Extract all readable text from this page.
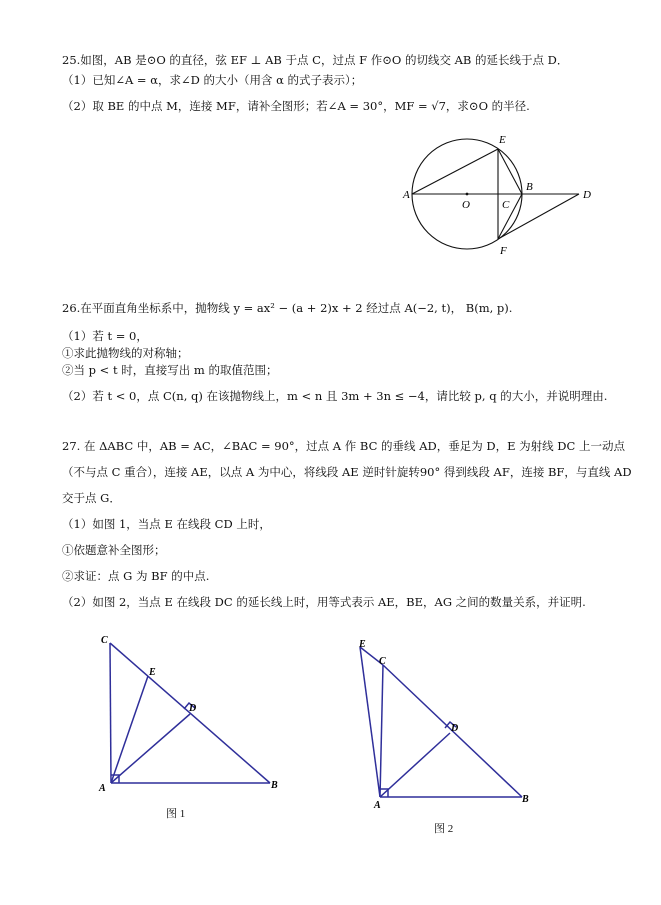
25.如图，AB 是⊙O 的直径，弦 EF ⊥ AB 于点 C，过点 F 作⊙O 的切线交 AB 的延长线于点 D．
（1）已知∠A = α，求∠D 的大小（用含 α 的式子表示）；
（2）取 BE 的中点 M，连接 MF，请补全图形；若∠A = 30°，MF = √7，求⊙O 的半径.
A
O	C
B
D
E
F
26.在平面直角坐标系中，抛物线 y = ax² − (a + 2)x + 2 经过点 A(−2, t)， B(m, p).
（1）若 t = 0，
①求此抛物线的对称轴；
②当 p < t 时，直接写出 m 的取值范围；
（2）若 t < 0，点 C(n, q) 在该抛物线上，m < n 且 3m + 3n ≤ −4，请比较 p, q 的大小，并说明理由.
27. 在 ΔABC 中，AB = AC，∠BAC = 90°，过点 A 作 BC 的垂线 AD，垂足为 D，E 为射线 DC 上一动点
（不与点 C 重合），连接 AE，以点 A 为中心，将线段 AE 逆时针旋转90° 得到线段 AF，连接 BF，与直线 AD
交于点 G．
（1）如图 1，当点 E 在线段 CD 上时，
①依题意补全图形；
②求证：点 G 为 BF 的中点.
（2）如图 2，当点 E 在线段 DC 的延长线上时，用等式表示 AE，BE，AG 之间的数量关系，并证明.
C
E
D
A	B
图 1
E
C
D
A
B
图 2
